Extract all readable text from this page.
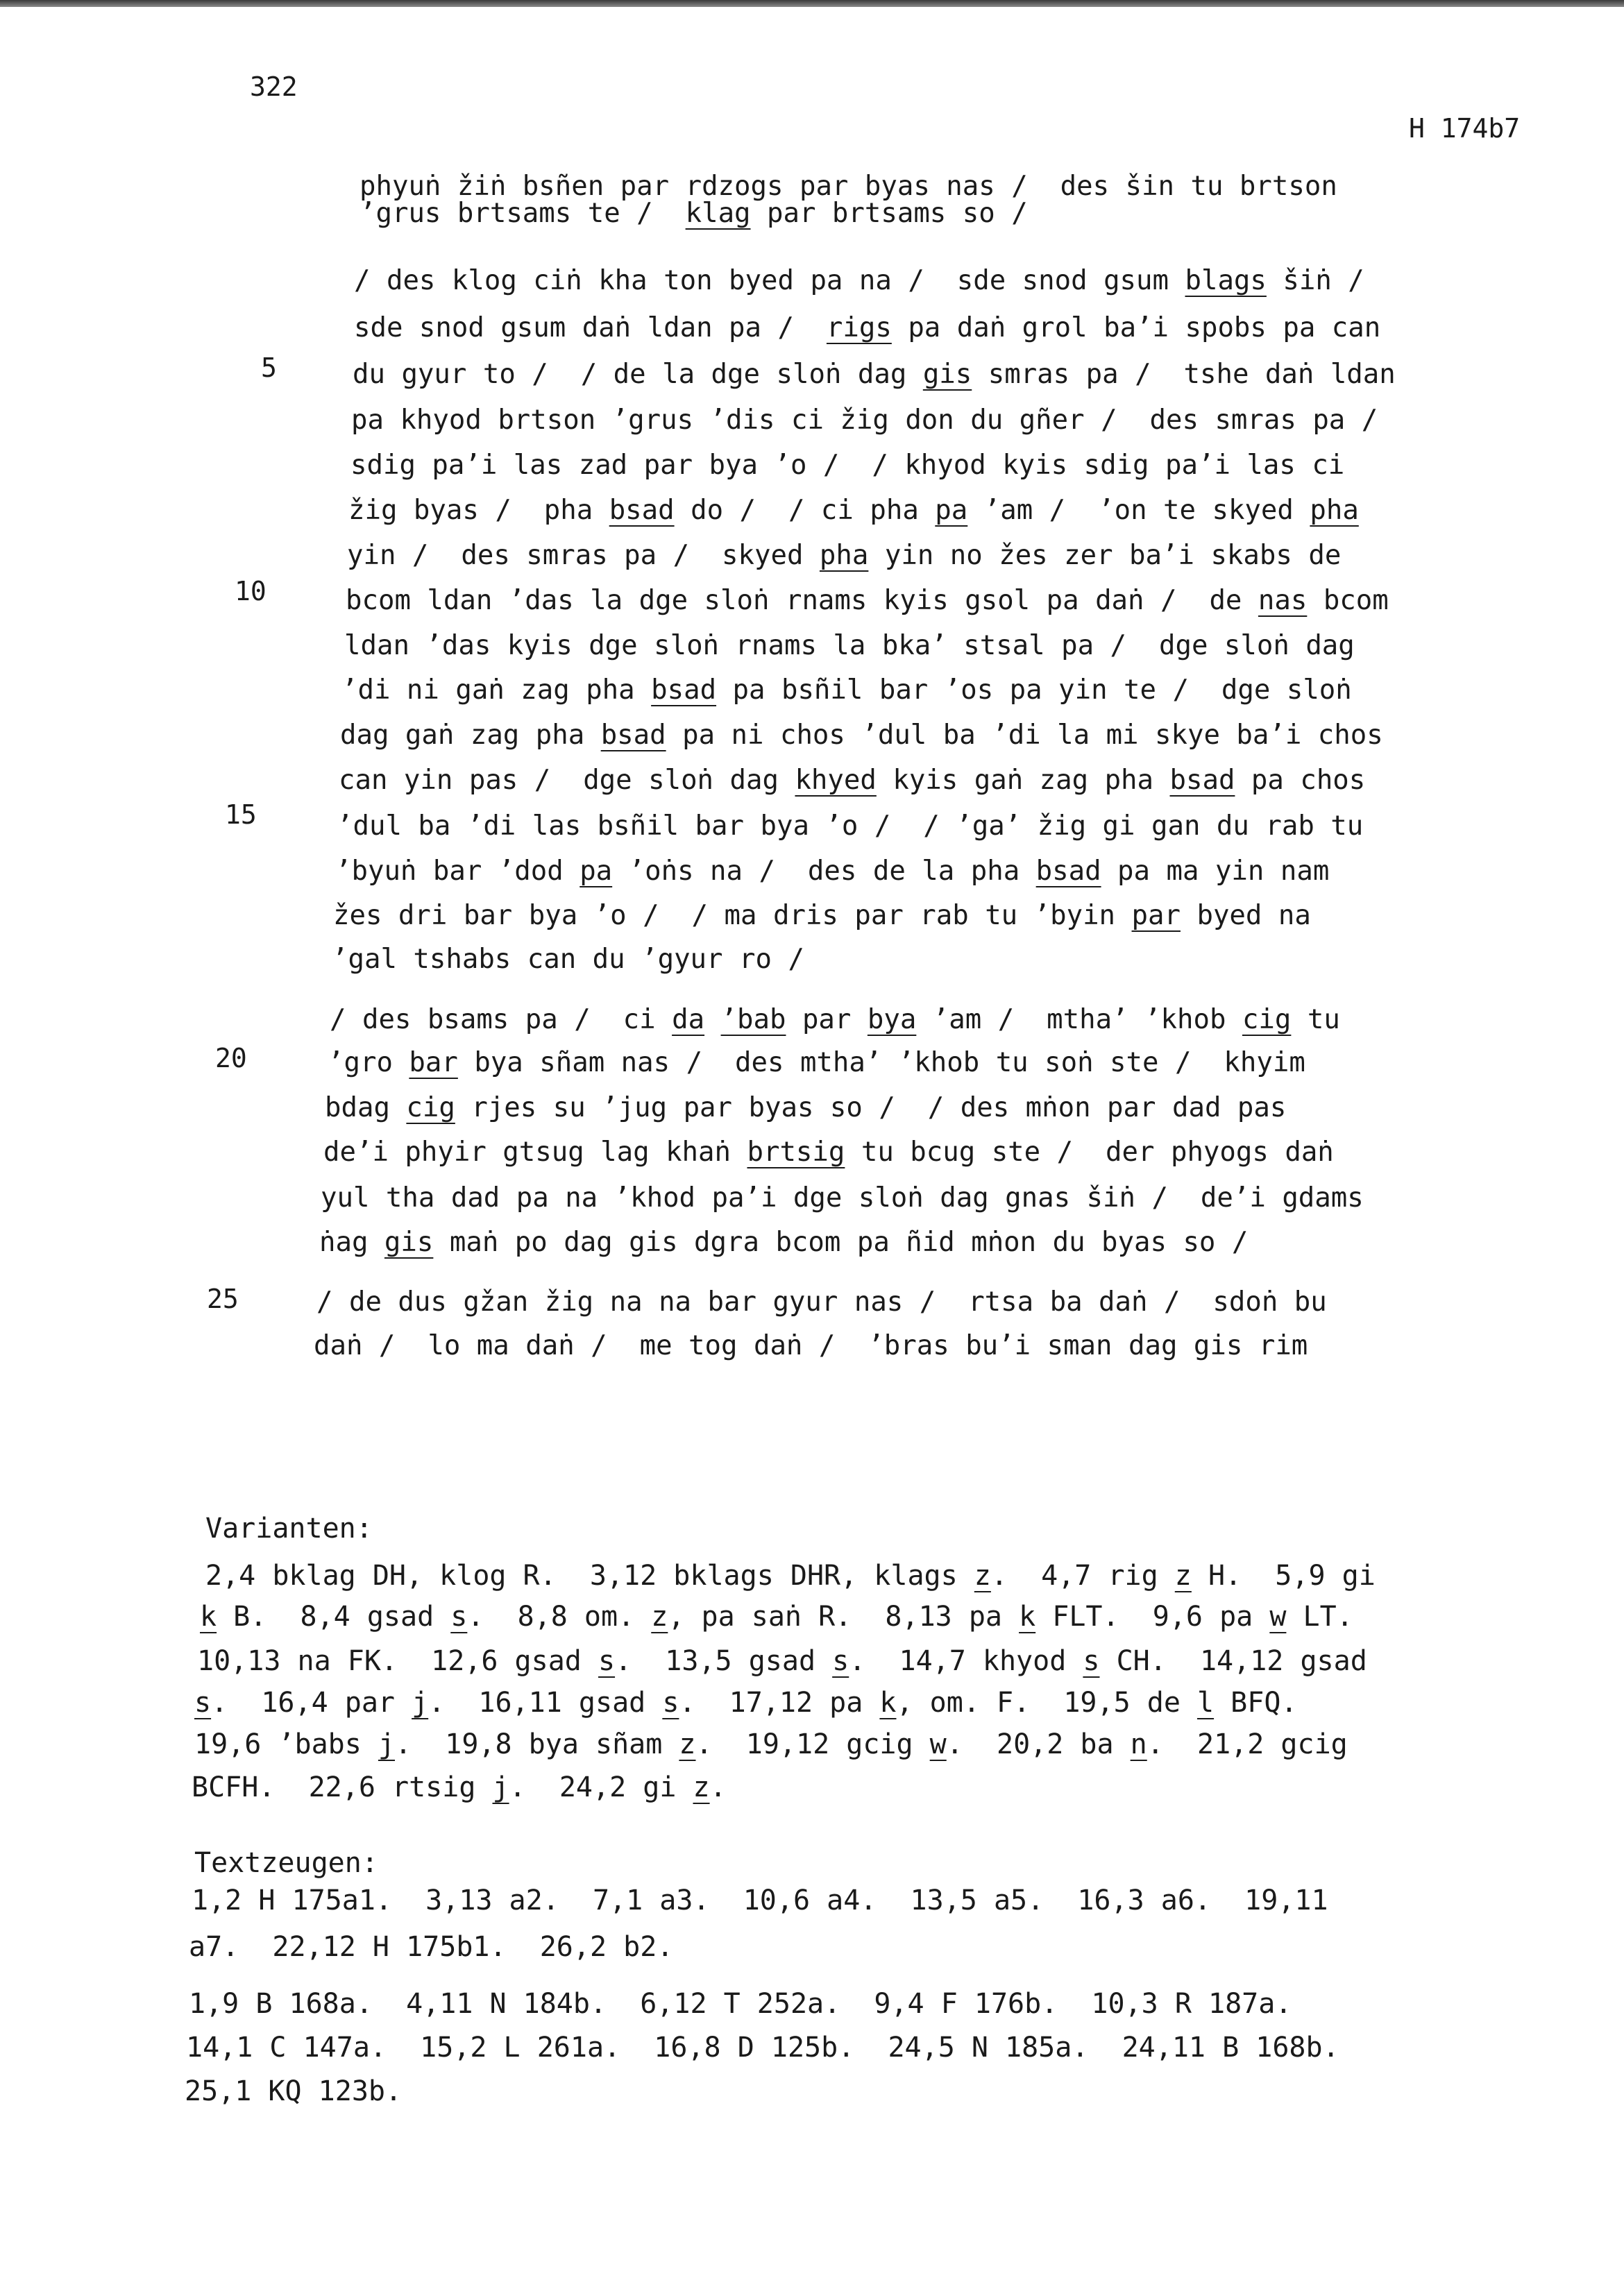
322
H 174b7
phyuṅ žiṅ bsñen par rdzogs par byas nas /  des šin tu brtson
’grus brtsams te /  klag par brtsams so /
/ des klog ciṅ kha ton byed pa na /  sde snod gsum blags šiṅ /
sde snod gsum daṅ ldan pa /  rigs pa daṅ grol ba’i spobs pa can
du gyur to /  / de la dge sloṅ dag gis smras pa /  tshe daṅ ldan
pa khyod brtson ’grus ’dis ci žig don du gñer /  des smras pa /
sdig pa’i las zad par bya ’o /  / khyod kyis sdig pa’i las ci
žig byas /  pha bsad do /  / ci pha pa ’am /  ’on te skyed pha
yin /  des smras pa /  skyed pha yin no žes zer ba’i skabs de
bcom ldan ’das la dge sloṅ rnams kyis gsol pa daṅ /  de nas bcom
ldan ’das kyis dge sloṅ rnams la bka’ stsal pa /  dge sloṅ dag
’di ni gaṅ zag pha bsad pa bsñil bar ’os pa yin te /  dge sloṅ
dag gaṅ zag pha bsad pa ni chos ’dul ba ’di la mi skye ba’i chos
can yin pas /  dge sloṅ dag khyed kyis gaṅ zag pha bsad pa chos
’dul ba ’di las bsñil bar bya ’o /  / ’ga’ žig gi gan du rab tu
’byuṅ bar ’dod pa ’oṅs na /  des de la pha bsad pa ma yin nam
žes dri bar bya ’o /  / ma dris par rab tu ’byin par byed na
’gal tshabs can du ’gyur ro /
/ des bsams pa /  ci da ’bab par bya ’am /  mtha’ ’khob cig tu
’gro bar bya sñam nas /  des mtha’ ’khob tu soṅ ste /  khyim
bdag cig rjes su ’jug par byas so /  / des mṅon par dad pas
de’i phyir gtsug lag khaṅ brtsig tu bcug ste /  der phyogs daṅ
yul tha dad pa na ’khod pa’i dge sloṅ dag gnas šiṅ /  de’i gdams
ṅag gis maṅ po dag gis dgra bcom pa ñid mṅon du byas so /
/ de dus gžan žig na na bar gyur nas /  rtsa ba daṅ /  sdoṅ bu
daṅ /  lo ma daṅ /  me tog daṅ /  ’bras bu’i sman dag gis rim
5
10
15
20
25
Varianten:
2,4 bklag DH, klog R.  3,12 bklags DHR, klags z.  4,7 rig z H.  5,9 gi
k B.  8,4 gsad s.  8,8 om. z, pa saṅ R.  8,13 pa k FLT.  9,6 pa w LT.
10,13 na FK.  12,6 gsad s.  13,5 gsad s.  14,7 khyod s CH.  14,12 gsad
s.  16,4 par j.  16,11 gsad s.  17,12 pa k, om. F.  19,5 de l BFQ.
19,6 ’babs j.  19,8 bya sñam z.  19,12 gcig w.  20,2 ba n.  21,2 gcig
BCFH.  22,6 rtsig j.  24,2 gi z.
Textzeugen:
1,2 H 175a1.  3,13 a2.  7,1 a3.  10,6 a4.  13,5 a5.  16,3 a6.  19,11
a7.  22,12 H 175b1.  26,2 b2.
1,9 B 168a.  4,11 N 184b.  6,12 T 252a.  9,4 F 176b.  10,3 R 187a.
14,1 C 147a.  15,2 L 261a.  16,8 D 125b.  24,5 N 185a.  24,11 B 168b.
25,1 KQ 123b.
